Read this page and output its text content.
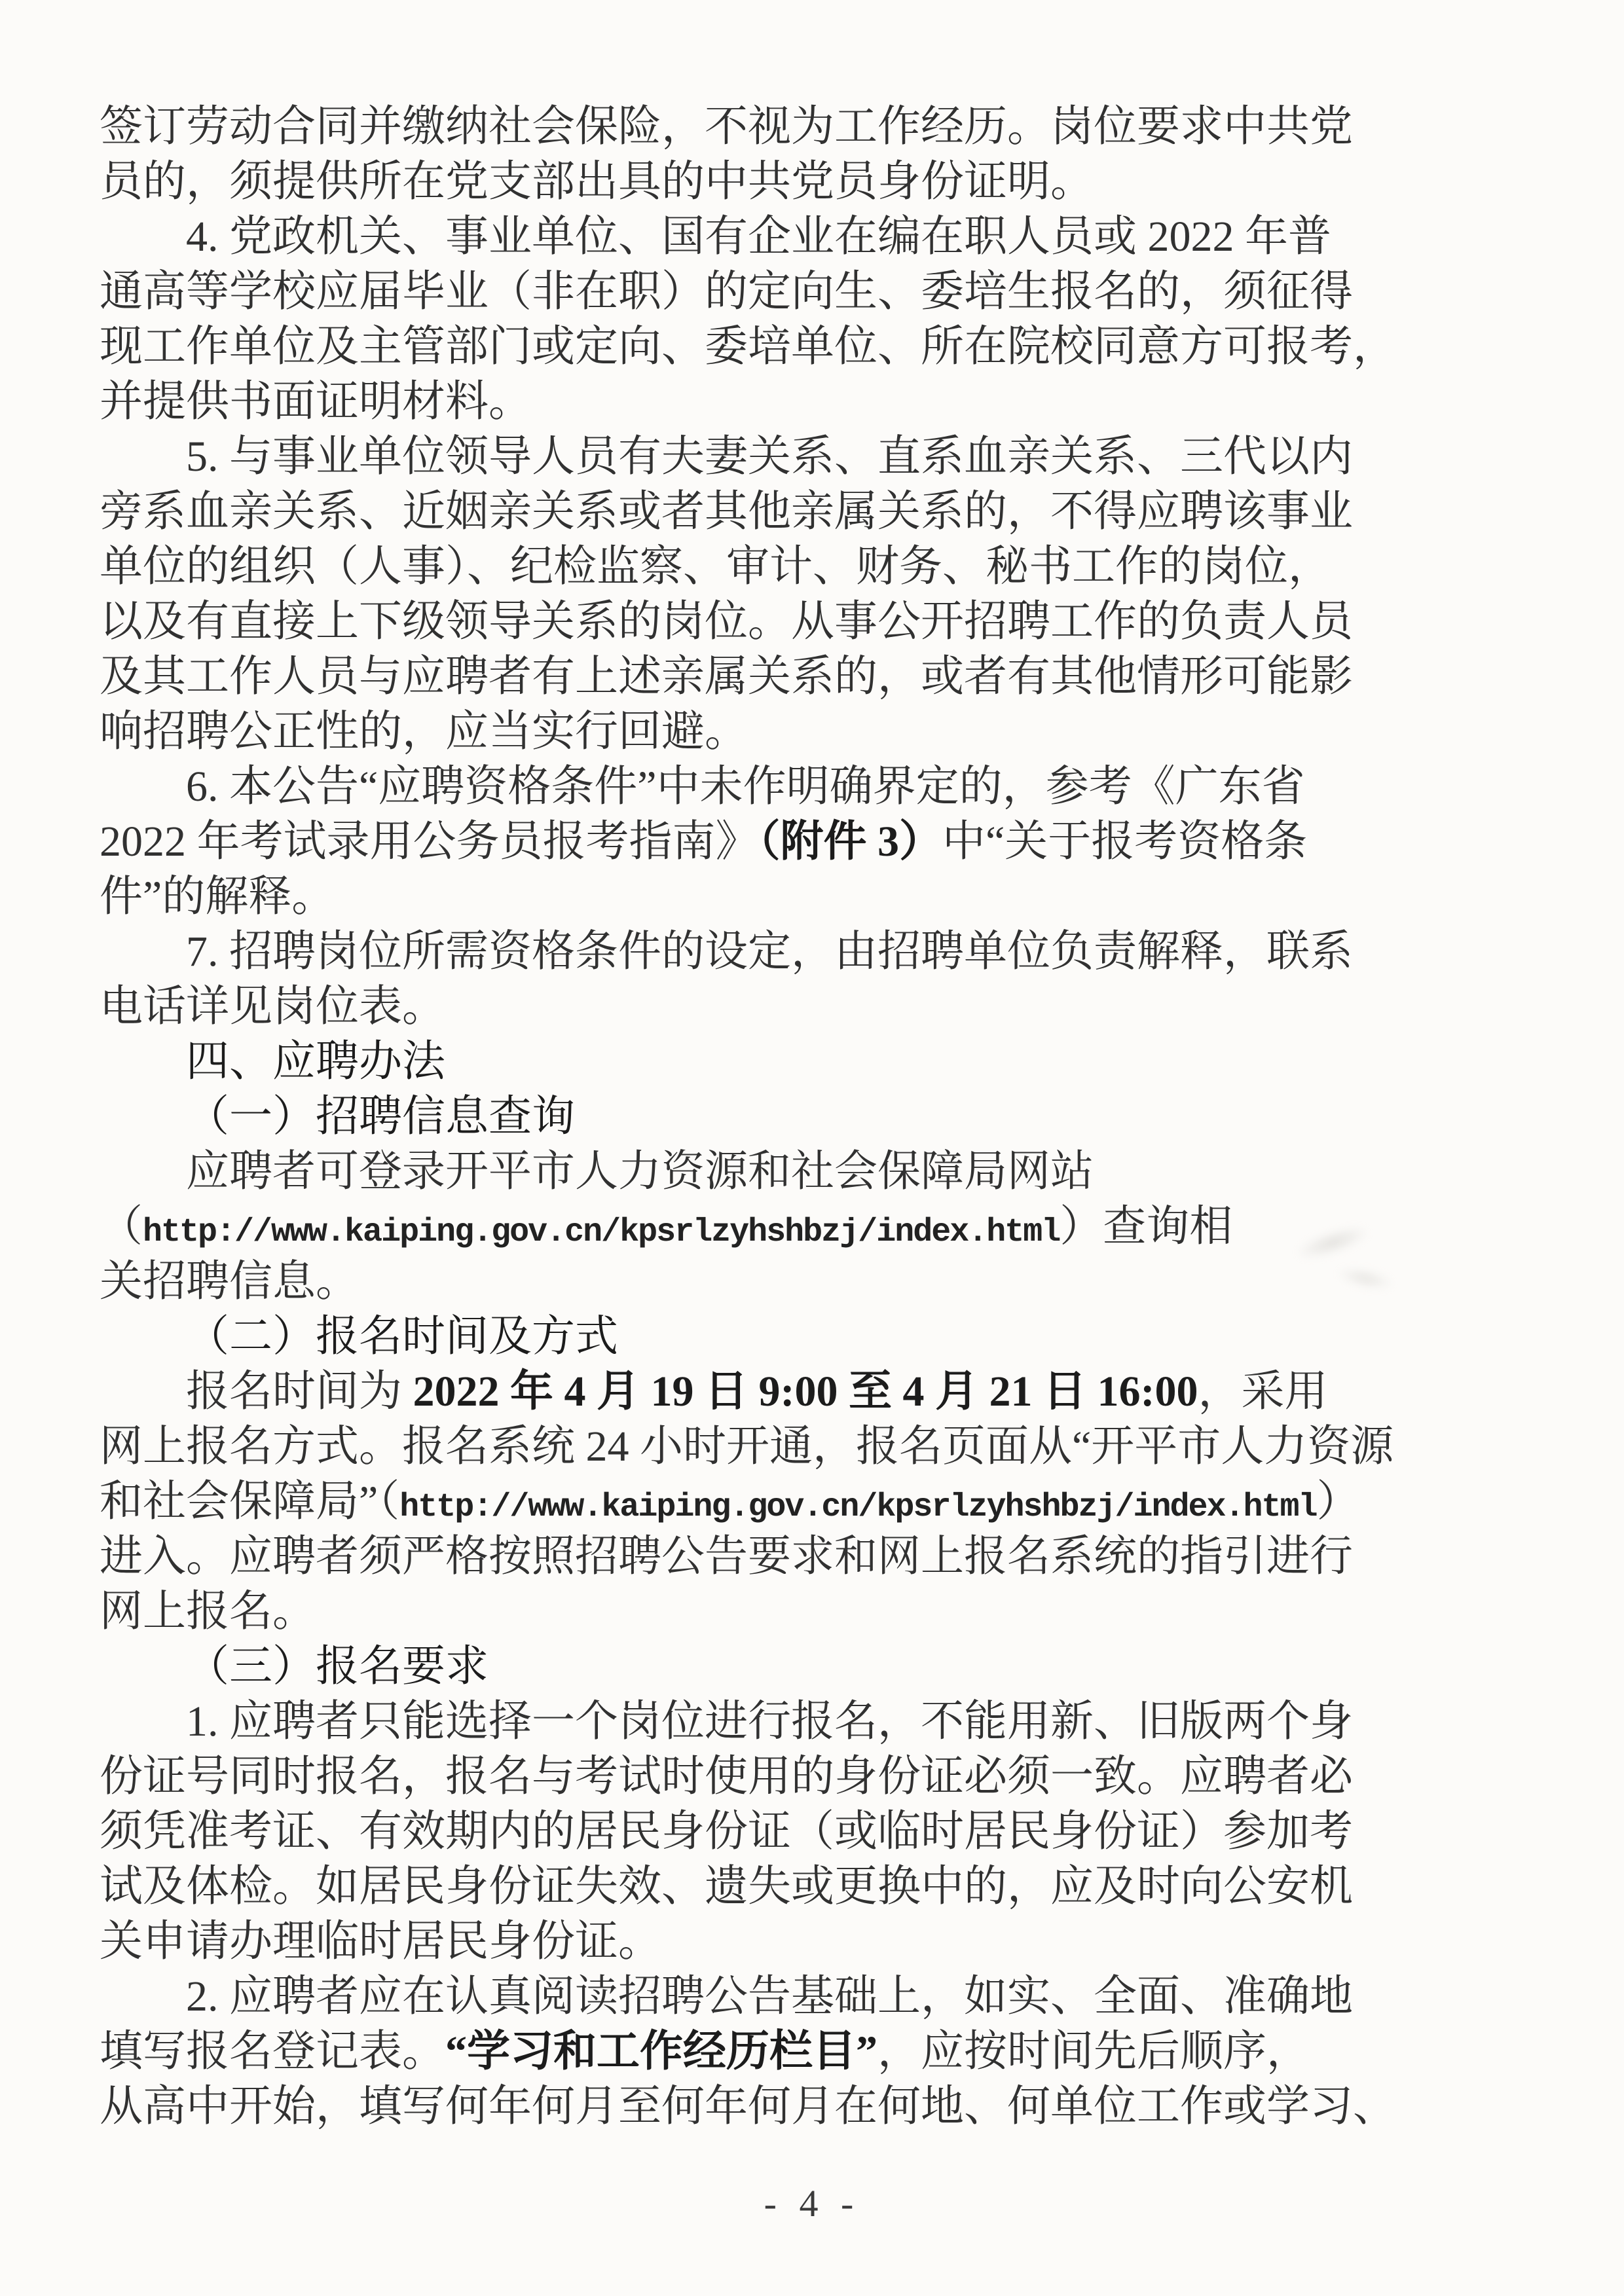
签订劳动合同并缴纳社会保险，不视为工作经历。岗位要求中共党
员的，须提供所在党支部出具的中共党员身份证明。
4. 党政机关、事业单位、国有企业在编在职人员或 2022 年普
通高等学校应届毕业（非在职）的定向生、委培生报名的，须征得
现工作单位及主管部门或定向、委培单位、所在院校同意方可报考，
并提供书面证明材料。
5. 与事业单位领导人员有夫妻关系、直系血亲关系、三代以内
旁系血亲关系、近姻亲关系或者其他亲属关系的，不得应聘该事业
单位的组织（人事）、纪检监察、审计、财务、秘书工作的岗位，
以及有直接上下级领导关系的岗位。从事公开招聘工作的负责人员
及其工作人员与应聘者有上述亲属关系的，或者有其他情形可能影
响招聘公正性的，应当实行回避。
6. 本公告“应聘资格条件”中未作明确界定的，参考《广东省
2022 年考试录用公务员报考指南》（附件 3）中“关于报考资格条
件”的解释。
7. 招聘岗位所需资格条件的设定，由招聘单位负责解释，联系
电话详见岗位表。
四、应聘办法
（一）招聘信息查询
应聘者可登录开平市人力资源和社会保障局网站
（http://www.kaiping.gov.cn/kpsrlzyhshbzj/index.html）查询相
关招聘信息。
（二）报名时间及方式
报名时间为 2022 年 4 月 19 日 9:00 至 4 月 21 日 16:00，采用
网上报名方式。报名系统 24 小时开通，报名页面从“开平市人力资源
和社会保障局”（http://www.kaiping.gov.cn/kpsrlzyhshbzj/index.html）
进入。应聘者须严格按照招聘公告要求和网上报名系统的指引进行
网上报名。
（三）报名要求
1. 应聘者只能选择一个岗位进行报名，不能用新、旧版两个身
份证号同时报名，报名与考试时使用的身份证必须一致。应聘者必
须凭准考证、有效期内的居民身份证（或临时居民身份证）参加考
试及体检。如居民身份证失效、遗失或更换中的，应及时向公安机
关申请办理临时居民身份证。
2. 应聘者应在认真阅读招聘公告基础上，如实、全面、准确地
填写报名登记表。“学习和工作经历栏目”，应按时间先后顺序，
从高中开始，填写何年何月至何年何月在何地、何单位工作或学习、
- 4 -
